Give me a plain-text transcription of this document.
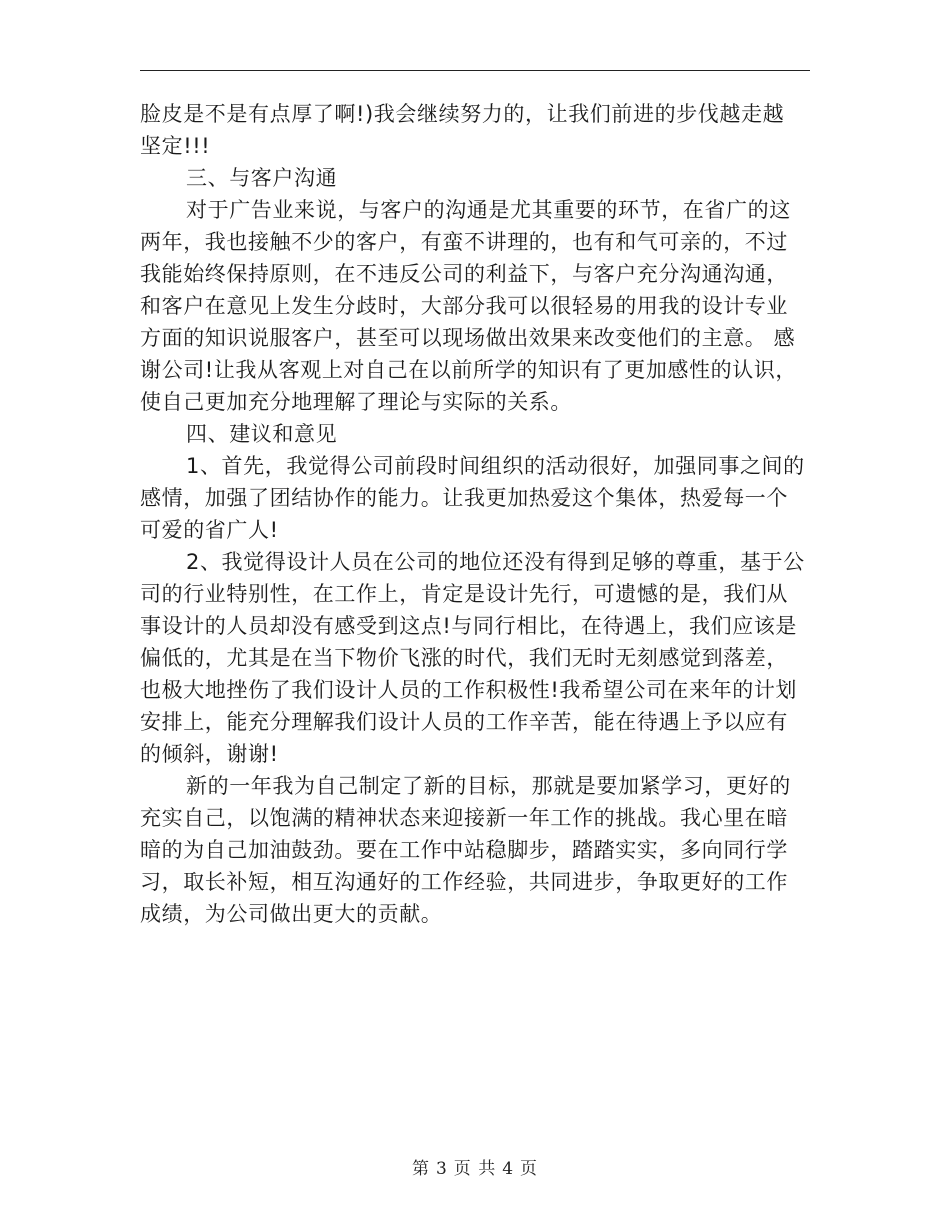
脸皮是不是有点厚了啊!)我会继续努力的，让我们前进的步伐越走越
坚定!!!
三、与客户沟通
对于广告业来说，与客户的沟通是尤其重要的环节，在省广的这
两年，我也接触不少的客户，有蛮不讲理的，也有和气可亲的，不过
我能始终保持原则，在不违反公司的利益下，与客户充分沟通沟通，
和客户在意见上发生分歧时，大部分我可以很轻易的用我的设计专业
方面的知识说服客户，甚至可以现场做出效果来改变他们的主意。 感
谢公司!让我从客观上对自己在以前所学的知识有了更加感性的认识，
使自己更加充分地理解了理论与实际的关系。
四、建议和意见
1、首先，我觉得公司前段时间组织的活动很好，加强同事之间的
感情，加强了团结协作的能力。让我更加热爱这个集体，热爱每一个
可爱的省广人!
2、我觉得设计人员在公司的地位还没有得到足够的尊重，基于公
司的行业特别性，在工作上，肯定是设计先行，可遗憾的是，我们从
事设计的人员却没有感受到这点!与同行相比，在待遇上，我们应该是
偏低的，尤其是在当下物价飞涨的时代，我们无时无刻感觉到落差，
也极大地挫伤了我们设计人员的工作积极性!我希望公司在来年的计划
安排上，能充分理解我们设计人员的工作辛苦，能在待遇上予以应有
的倾斜，谢谢!
新的一年我为自己制定了新的目标，那就是要加紧学习，更好的
充实自己，以饱满的精神状态来迎接新一年工作的挑战。我心里在暗
暗的为自己加油鼓劲。要在工作中站稳脚步，踏踏实实，多向同行学
习，取长补短，相互沟通好的工作经验，共同进步，争取更好的工作
成绩，为公司做出更大的贡献。
第 3 页 共 4 页
